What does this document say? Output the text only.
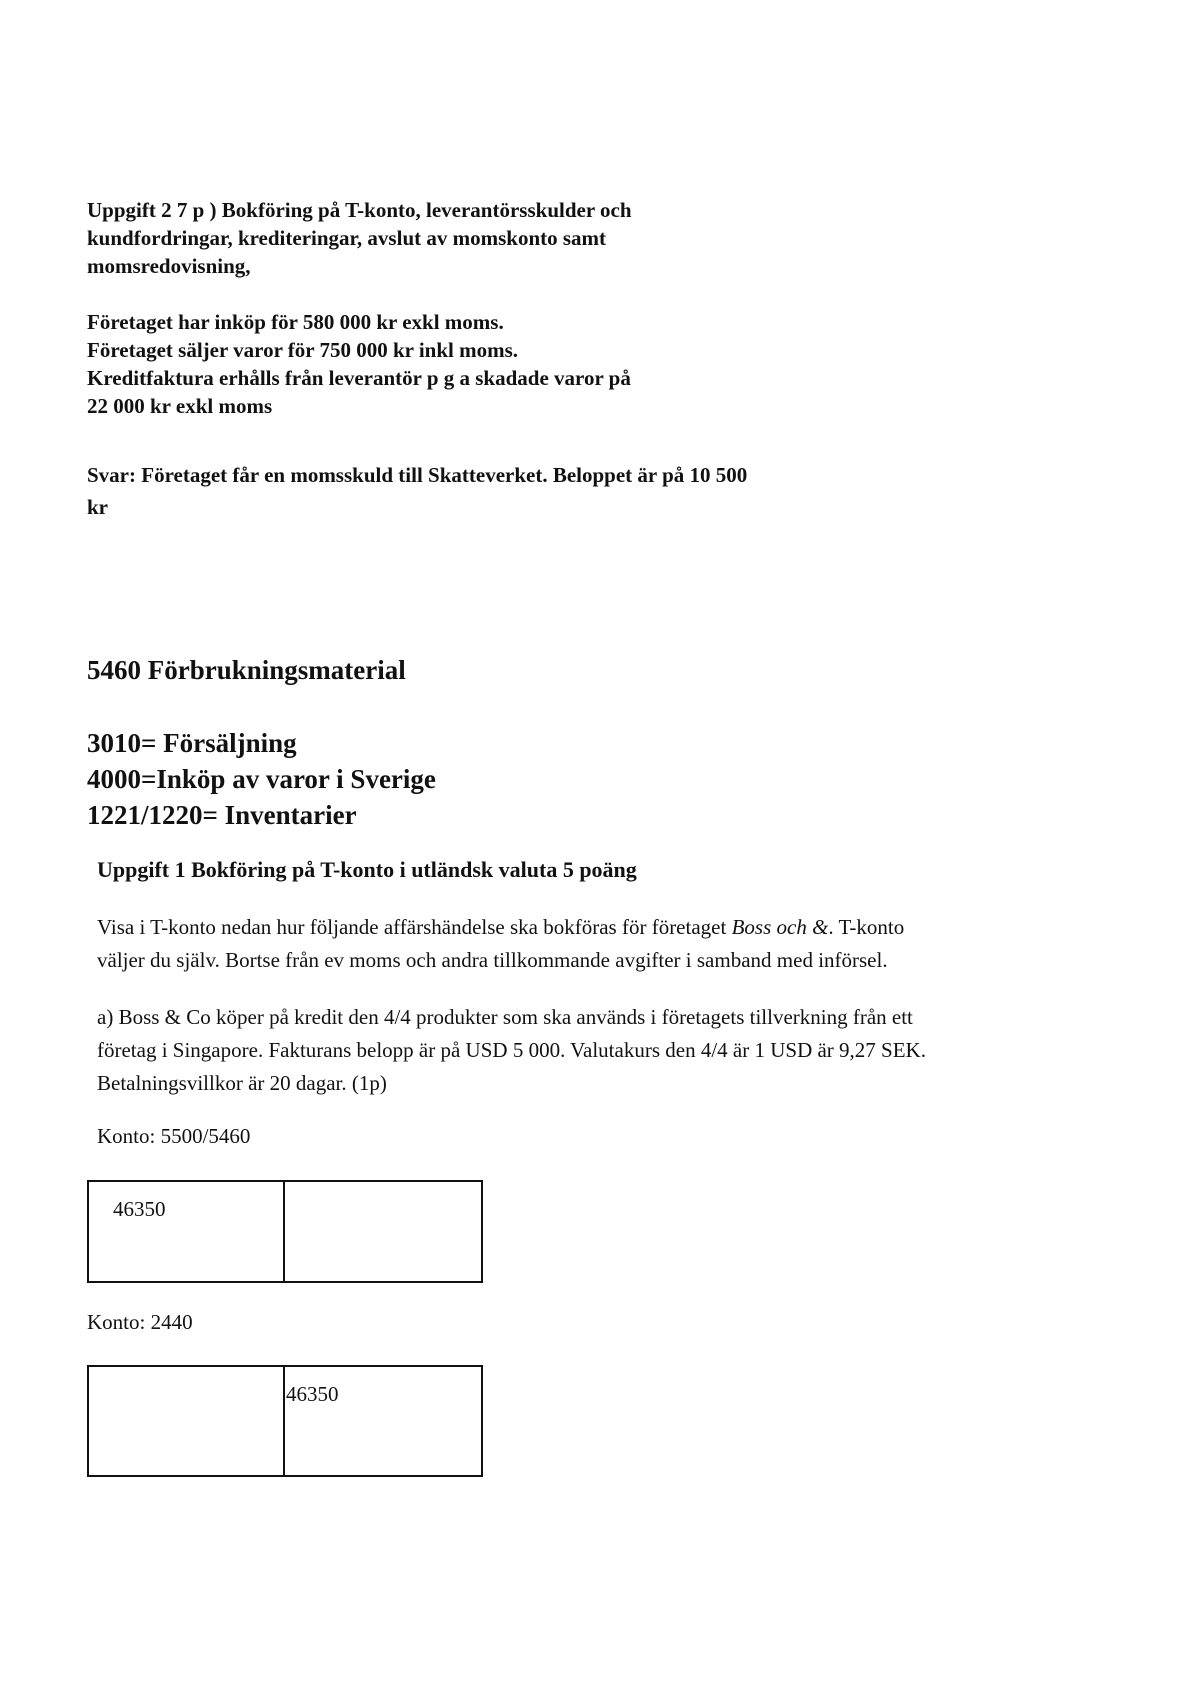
Uppgift 2 7 p ) Bokföring på T-konto, leverantörsskulder och
kundfordringar, krediteringar, avslut av momskonto samt
momsredovisning,
Företaget har inköp för 580 000 kr exkl moms.
Företaget säljer varor för 750 000 kr inkl moms.
Kreditfaktura erhålls från leverantör p g a skadade varor på
22 000 kr exkl moms
Svar: Företaget får en momsskuld till Skatteverket. Beloppet är på 10 500
kr
5460 Förbrukningsmaterial
3010= Försäljning
4000=Inköp av varor i Sverige
1221/1220= Inventarier
Uppgift 1 Bokföring på T-konto i utländsk valuta 5 poäng
Visa i T-konto nedan hur följande affärshändelse ska bokföras för företaget Boss och &. T-konto
väljer du själv. Bortse från ev moms och andra tillkommande avgifter i samband med införsel.
a) Boss & Co köper på kredit den 4/4 produkter som ska används i företagets tillverkning från ett
företag i Singapore. Fakturans belopp är på USD 5 000. Valutakurs den 4/4 är 1 USD är 9,27 SEK.
Betalningsvillkor är 20 dagar. (1p)
Konto: 5500/5460
46350
Konto: 2440
46350
